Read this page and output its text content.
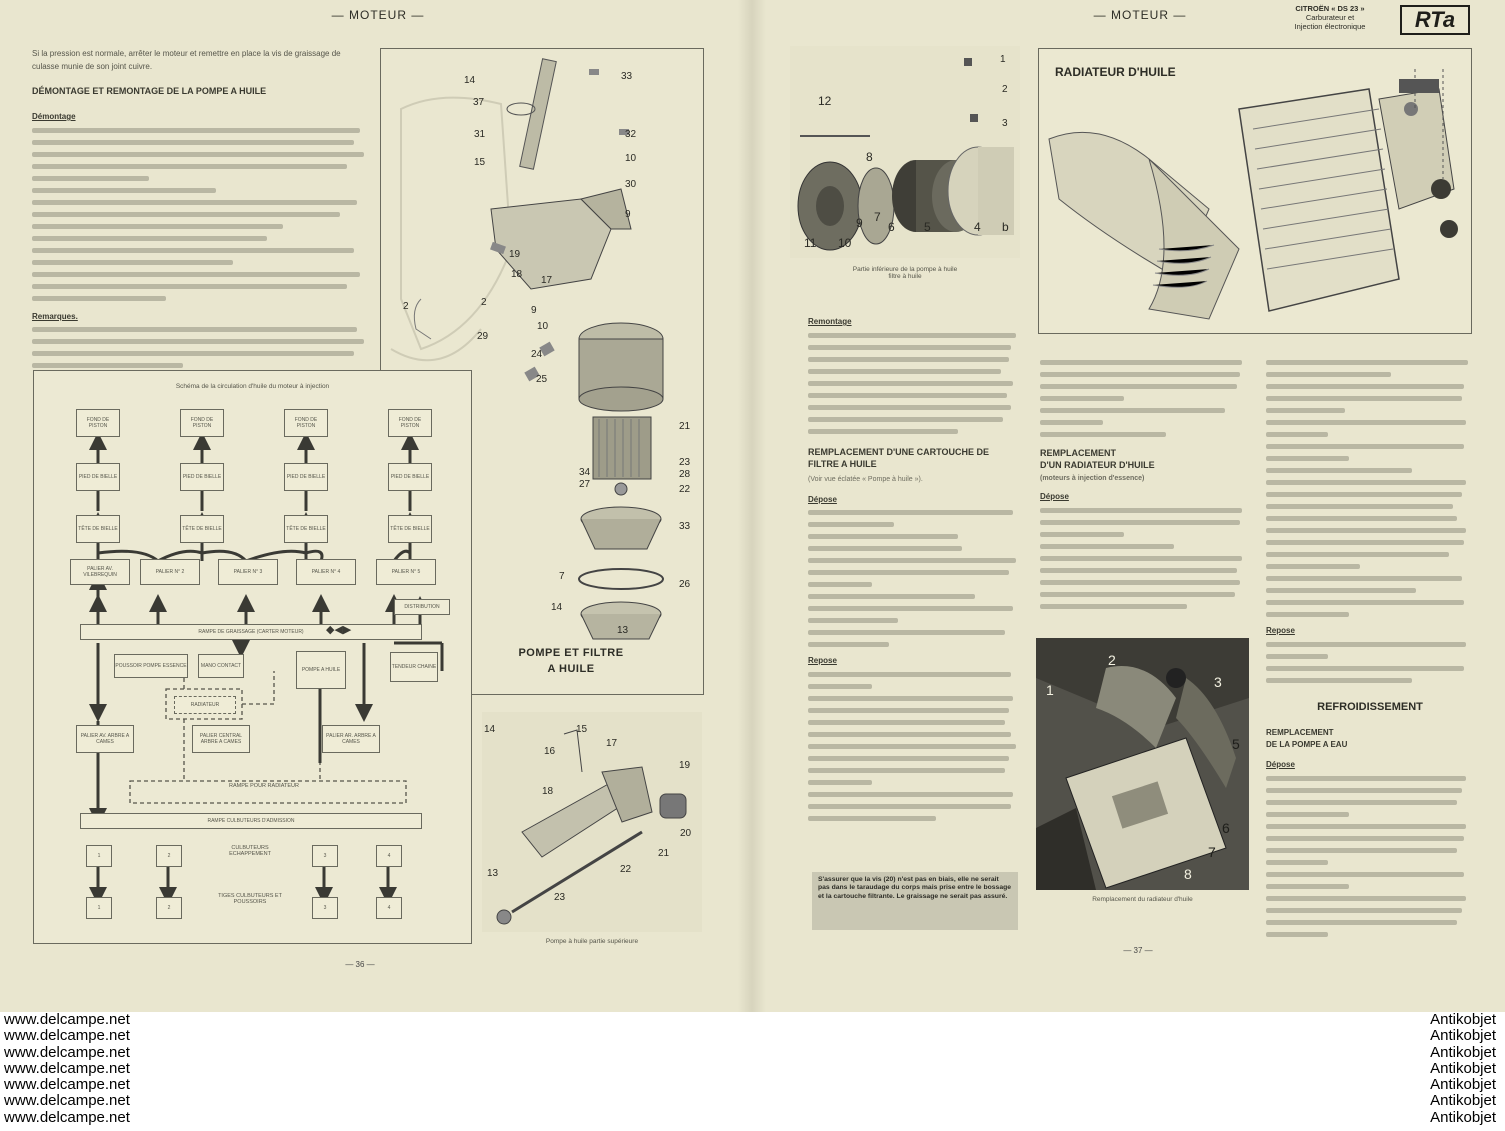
— MOTEUR —	— MOTEUR —	CITROËN « DS 23 »
Carburateur et
Injection électronique	RTa

Si la pression est normale, arrêter le moteur et remettre en place la vis de graissage de culasse munie de son joint cuivre.

DÉMONTAGE ET REMONTAGE DE LA POMPE A HUILE
Démontage
Remarques.
14
37
31
15
33
32
10
30
9
19
18
17
9
2
2
29
10
24
25
21
23
28
34
27	22
33
7
26
14
13
POMPE ET FILTRE
A HUILE
Schéma de la circulation d'huile du moteur à injection
FOND DE PISTON
FOND DE PISTON
FOND DE PISTON
FOND DE PISTON
PIED DE BIELLE	PIED DE BIELLE	PIED DE BIELLE	PIED DE BIELLE
TÊTE DE BIELLE	TÊTE DE BIELLE	TÊTE DE BIELLE	TÊTE DE BIELLE
PALIER AV. VILEBREQUIN	PALIER N° 2	PALIER N° 3	PALIER N° 4	PALIER N° 5
DISTRIBUTION
RAMPE DE GRAISSAGE (CARTER MOTEUR)	◆◀▶
POUSSOIR POMPE ESSENCE	MANO CONTACT
RADIATEUR
POMPE A HUILE	TENDEUR CHAINE
PALIER AV. ARBRE A CAMES
PALIER CENTRAL ARBRE A CAMES
PALIER AR. ARBRE A CAMES
RAMPE POUR RADIATEUR
RAMPE CULBUTEURS D'ADMISSION
1	2	3	4
CULBUTEURS ECHAPPEMENT
1	2	3	4
TIGES CULBUTEURS ET POUSSOIRS
14	15
16
17
19
18
20
21
22
13
23
Pompe à huile partie supérieure
— 36 —
1
2
3
12
8
11 10
9 7
6 5	4 b
Partie inférieure de la pompe à huile
filtre à huile
RADIATEUR D'HUILE
Remontage
REMPLACEMENT D'UNE CARTOUCHE DE
FILTRE A HUILE
(Voir vue éclatée « Pompe à huile »).
Dépose
Repose
S'assurer que la vis (20) n'est pas en biais, elle ne serait pas dans le taraudage du corps mais prise entre le bossage et la cartouche filtrante. Le graissage ne serait pas assuré.
REMPLACEMENT
D'UN RADIATEUR D'HUILE
(moteurs à injection d'essence)
Dépose
2
1	3
5
6
7
8
Remplacement du radiateur d'huile
Repose
REFROIDISSEMENT
REMPLACEMENT
DE LA POMPE A EAU
Dépose
— 37 —
www.delcampe.net
www.delcampe.net
www.delcampe.net
www.delcampe.net
www.delcampe.net
www.delcampe.net
www.delcampe.net
Antikobjet
Antikobjet
Antikobjet
Antikobjet
Antikobjet
Antikobjet
Antikobjet
